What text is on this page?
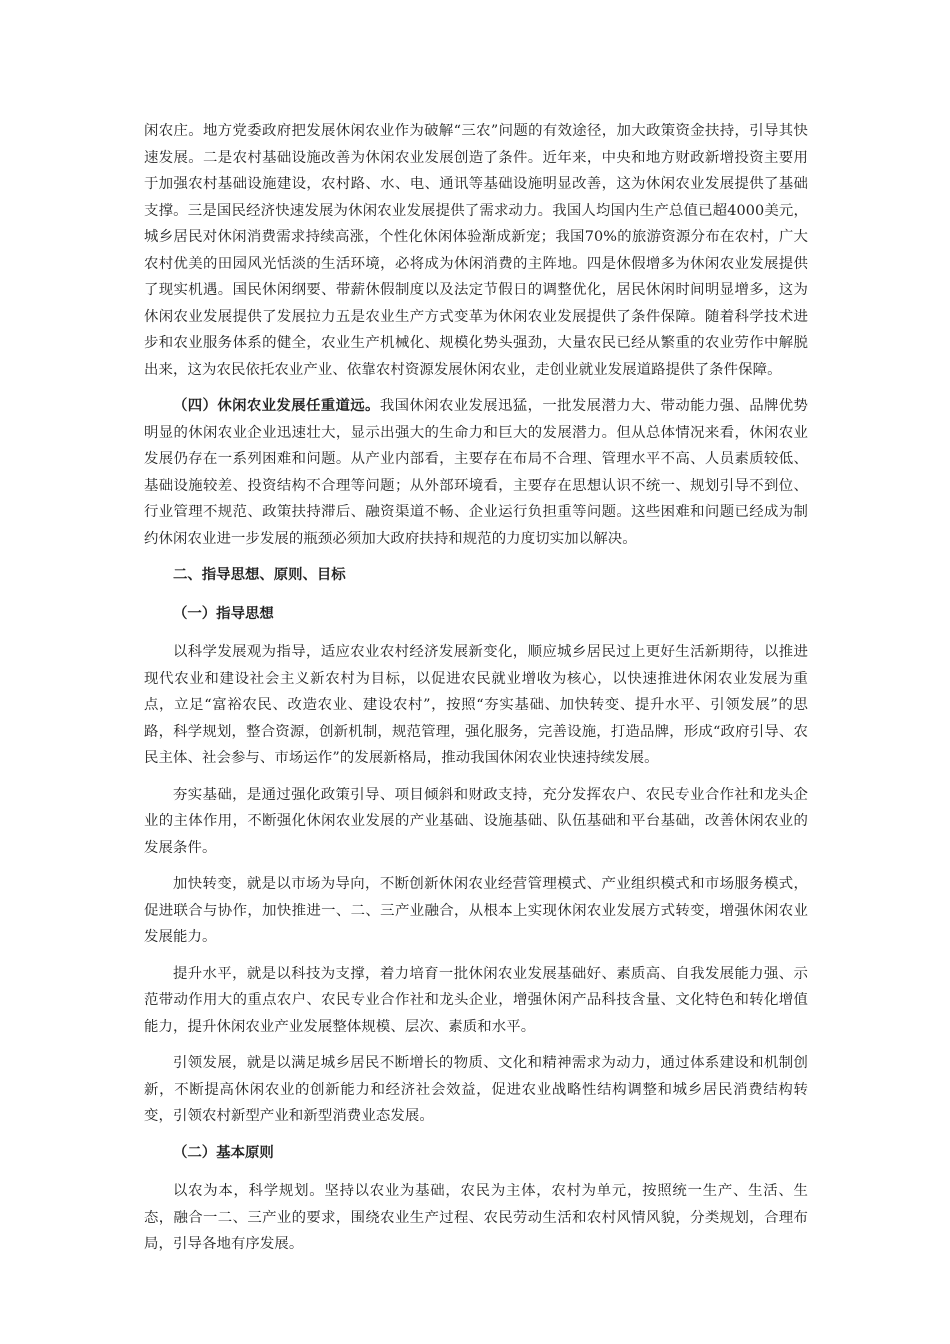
闲农庄。地方党委政府把发展休闲农业作为破解“三农”问题的有效途径，加大政策资金扶持，引导其快速发展。二是农村基础设施改善为休闲农业发展创造了条件。近年来，中央和地方财政新增投资主要用于加强农村基础设施建设，农村路、水、电、通讯等基础设施明显改善，这为休闲农业发展提供了基础支撑。三是国民经济快速发展为休闲农业发展提供了需求动力。我国人均国内生产总值已超4000美元，城乡居民对休闲消费需求持续高涨，个性化休闲体验渐成新宠；我国70%的旅游资源分布在农村，广大农村优美的田园风光恬淡的生活环境，必将成为休闲消费的主阵地。四是休假增多为休闲农业发展提供了现实机遇。国民休闲纲要、带薪休假制度以及法定节假日的调整优化，居民休闲时间明显增多，这为休闲农业发展提供了发展拉力五是农业生产方式变革为休闲农业发展提供了条件保障。随着科学技术进步和农业服务体系的健全，农业生产机械化、规模化势头强劲，大量农民已经从繁重的农业劳作中解脱出来，这为农民依托农业产业、依靠农村资源发展休闲农业，走创业就业发展道路提供了条件保障。

（四）休闲农业发展任重道远。我国休闲农业发展迅猛，一批发展潜力大、带动能力强、品牌优势明显的休闲农业企业迅速壮大，显示出强大的生命力和巨大的发展潜力。但从总体情况来看，休闲农业发展仍存在一系列困难和问题。从产业内部看，主要存在布局不合理、管理水平不高、人员素质较低、基础设施较差、投资结构不合理等问题；从外部环境看，主要存在思想认识不统一、规划引导不到位、行业管理不规范、政策扶持滞后、融资渠道不畅、企业运行负担重等问题。这些困难和问题已经成为制约休闲农业进一步发展的瓶颈必须加大政府扶持和规范的力度切实加以解决。

二、指导思想、原则、目标
（一）指导思想

以科学发展观为指导，适应农业农村经济发展新变化，顺应城乡居民过上更好生活新期待，以推进现代农业和建设社会主义新农村为目标，以促进农民就业增收为核心，以快速推进休闲农业发展为重点，立足“富裕农民、改造农业、建设农村”，按照“夯实基础、加快转变、提升水平、引领发展”的思路，科学规划，整合资源，创新机制，规范管理，强化服务，完善设施，打造品牌，形成“政府引导、农民主体、社会参与、市场运作”的发展新格局，推动我国休闲农业快速持续发展。

夯实基础，是通过强化政策引导、项目倾斜和财政支持，充分发挥农户、农民专业合作社和龙头企业的主体作用，不断强化休闲农业发展的产业基础、设施基础、队伍基础和平台基础，改善休闲农业的发展条件。

加快转变，就是以市场为导向，不断创新休闲农业经营管理模式、产业组织模式和市场服务模式，促进联合与协作，加快推进一、二、三产业融合，从根本上实现休闲农业发展方式转变，增强休闲农业发展能力。

提升水平，就是以科技为支撑，着力培育一批休闲农业发展基础好、素质高、自我发展能力强、示范带动作用大的重点农户、农民专业合作社和龙头企业，增强休闲产品科技含量、文化特色和转化增值能力，提升休闲农业产业发展整体规模、层次、素质和水平。

引领发展，就是以满足城乡居民不断增长的物质、文化和精神需求为动力，通过体系建设和机制创新，不断提高休闲农业的创新能力和经济社会效益，促进农业战略性结构调整和城乡居民消费结构转变，引领农村新型产业和新型消费业态发展。

（二）基本原则

以农为本，科学规划。坚持以农业为基础，农民为主体，农村为单元，按照统一生产、生活、生态，融合一二、三产业的要求，围绕农业生产过程、农民劳动生活和农村风情风貌，分类规划，合理布局，引导各地有序发展。
